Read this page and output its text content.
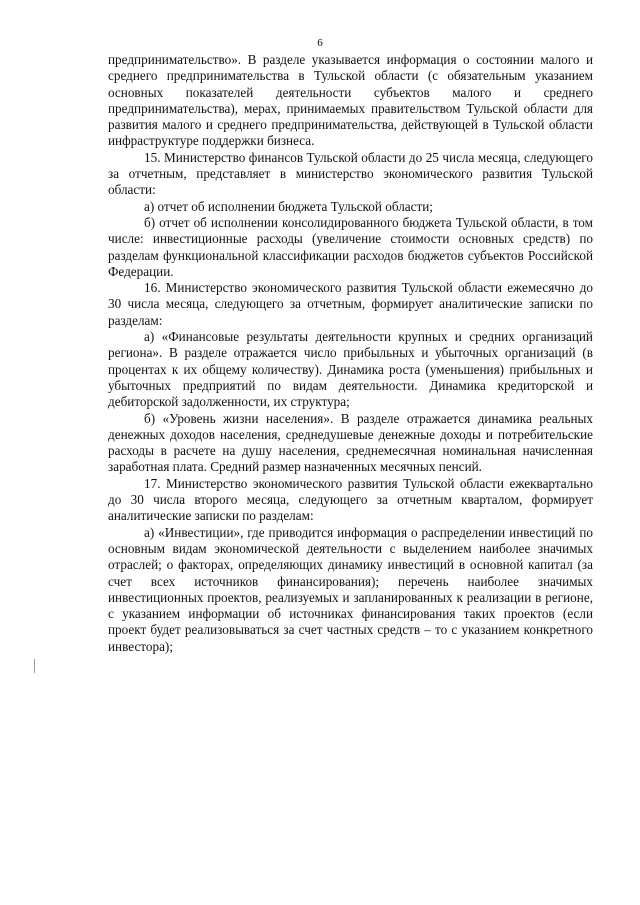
6

предпринимательство». В разделе указывается информация о состоянии малого и среднего предпринимательства в Тульской области (с обязательным указанием основных показателей деятельности субъектов малого и среднего предпринимательства), мерах, принимаемых правительством Тульской области для развития малого и среднего предпринимательства, действующей в Тульской области инфраструктуре поддержки бизнеса.

15. Министерство финансов Тульской области до 25 числа месяца, следующего за отчетным, представляет в министерство экономического развития Тульской области:

а) отчет об исполнении бюджета Тульской области;

б) отчет об исполнении консолидированного бюджета Тульской области, в том числе: инвестиционные расходы (увеличение стоимости основных средств) по разделам функциональной классификации расходов бюджетов субъектов Российской Федерации.

16. Министерство экономического развития Тульской области ежемесячно до 30 числа месяца, следующего за отчетным, формирует аналитические записки по разделам:

а) «Финансовые результаты деятельности крупных и средних организаций региона». В разделе отражается число прибыльных и убыточных организаций (в процентах к их общему количеству). Динамика роста (уменьшения) прибыльных и убыточных предприятий по видам деятельности. Динамика кредиторской и дебиторской задолженности, их структура;

б) «Уровень жизни населения». В разделе отражается динамика реальных денежных доходов населения, среднедушевые денежные доходы и потребительские расходы в расчете на душу населения, среднемесячная номинальная начисленная заработная плата. Средний размер назначенных месячных пенсий.

17. Министерство экономического развития Тульской области ежеквартально до 30 числа второго месяца, следующего за отчетным кварталом, формирует аналитические записки по разделам:

а) «Инвестиции», где приводится информация о распределении инвестиций по основным видам экономической деятельности с выделением наиболее значимых отраслей; о факторах, определяющих динамику инвестиций в основной капитал (за счет всех источников финансирования); перечень наиболее значимых инвестиционных проектов, реализуемых и запланированных к реализации в регионе, с указанием информации об источниках финансирования таких проектов (если проект будет реализовываться за счет частных средств – то с указанием конкретного инвестора);
